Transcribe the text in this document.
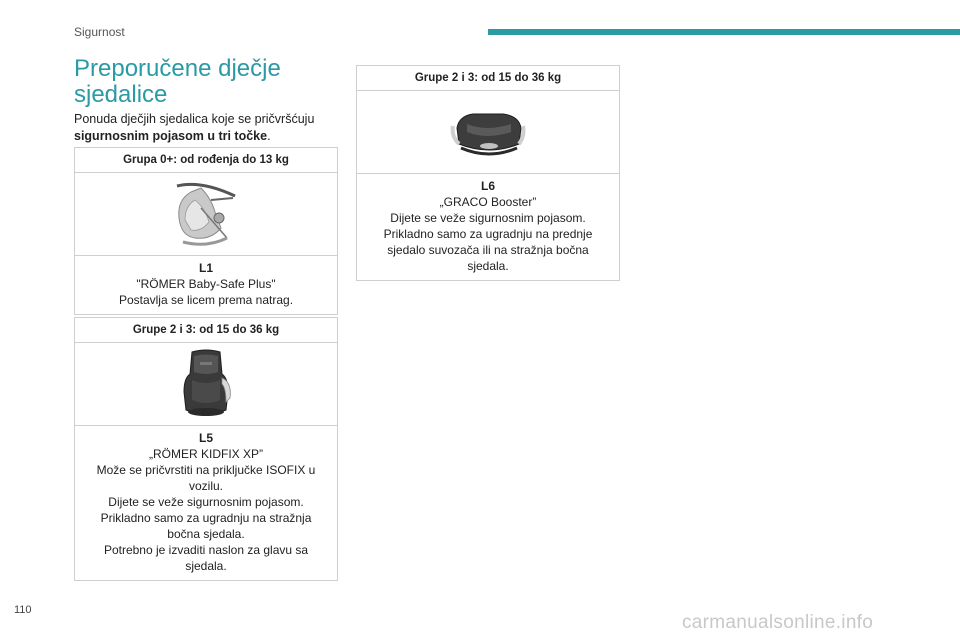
Sigurnost
Preporučene dječje
sjedalice

Ponuda dječjih sjedalica koje se pričvršćuju sigurnosnim pojasom u tri točke.

Grupa 0+: od rođenja do 13 kg
L1
"RÖMER Baby-Safe Plus"
Postavlja se licem prema natrag.
Grupe 2 i 3: od 15 do 36 kg
L5
„RÖMER KIDFIX XP”
Može se pričvrstiti na priključke ISOFIX u vozilu.
Dijete se veže sigurnosnim pojasom.
Prikladno samo za ugradnju na stražnja bočna sjedala.
Potrebno je izvaditi naslon za glavu sa sjedala.
Grupe 2 i 3: od 15 do 36 kg
L6
„GRACO Booster”
Dijete se veže sigurnosnim pojasom.
Prikladno samo za ugradnju na prednje sjedalo suvozača ili na stražnja bočna sjedala.
110
carmanualsonline.info
